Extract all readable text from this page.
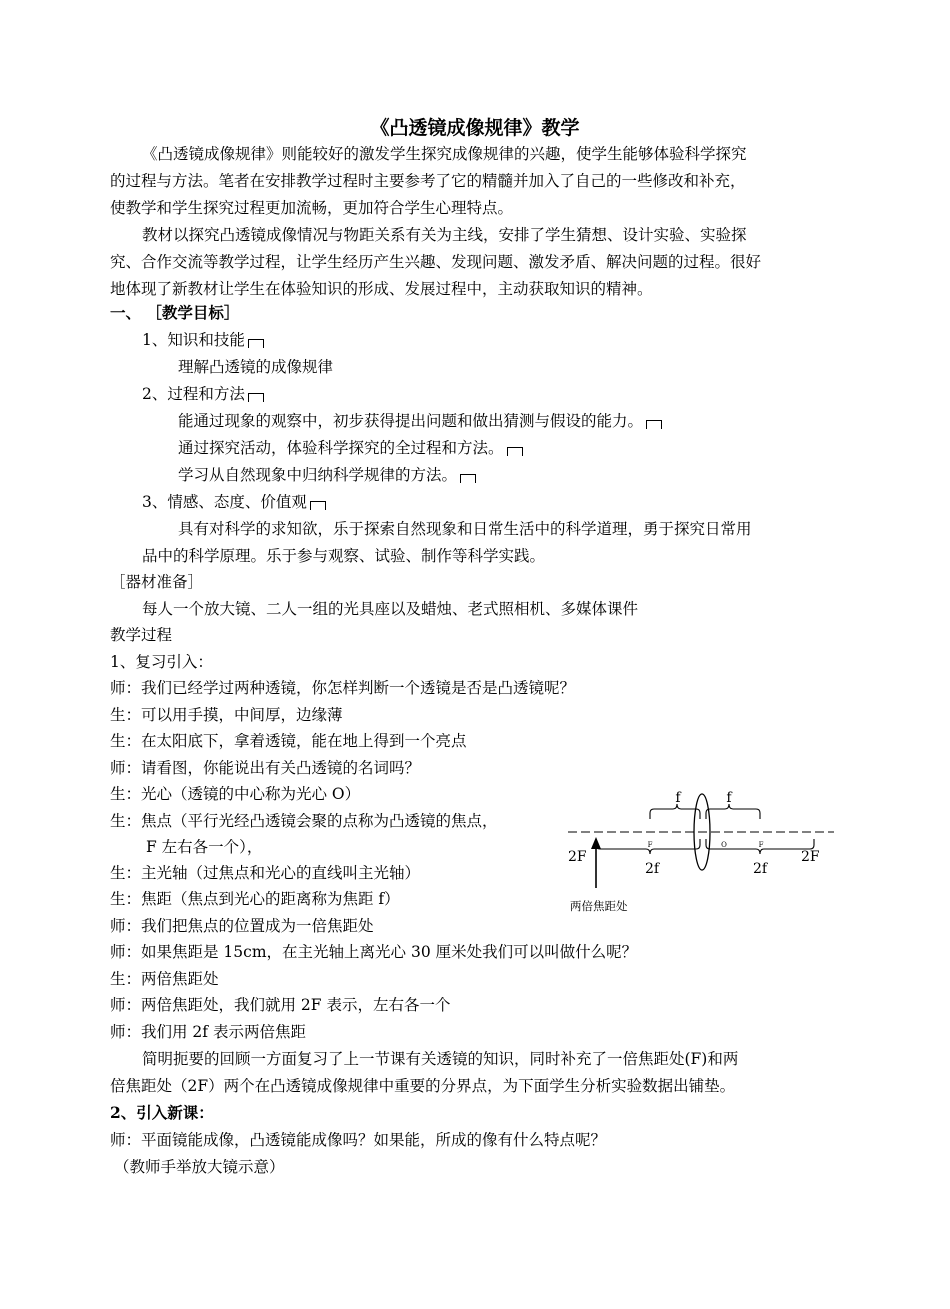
《凸透镜成像规律》教学
《凸透镜成像规律》则能较好的激发学生探究成像规律的兴趣，使学生能够体验科学探究
的过程与方法。笔者在安排教学过程时主要参考了它的精髓并加入了自己的一些修改和补充，
使教学和学生探究过程更加流畅，更加符合学生心理特点。
教材以探究凸透镜成像情况与物距关系有关为主线，安排了学生猜想、设计实验、实验探
究、合作交流等教学过程，让学生经历产生兴趣、发现问题、激发矛盾、解决问题的过程。很好
地体现了新教材让学生在体验知识的形成、发展过程中，主动获取知识的精神。
一、 ［教学目标］
1、知识和技能
理解凸透镜的成像规律
2、过程和方法
能通过现象的观察中，初步获得提出问题和做出猜测与假设的能力。
通过探究活动，体验科学探究的全过程和方法。
学习从自然现象中归纳科学规律的方法。
3、情感、态度、价值观
具有对科学的求知欲，乐于探索自然现象和日常生活中的科学道理，勇于探究日常用
品中的科学原理。乐于参与观察、试验、制作等科学实践。
［器材准备］
每人一个放大镜、二人一组的光具座以及蜡烛、老式照相机、多媒体课件
教学过程
1、复习引入：
师：我们已经学过两种透镜，你怎样判断一个透镜是否是凸透镜呢？
生：可以用手摸，中间厚，边缘薄
生：在太阳底下，拿着透镜，能在地上得到一个亮点
师：请看图，你能说出有关凸透镜的名词吗？
生：光心（透镜的中心称为光心 O）
生：焦点（平行光经凸透镜会聚的点称为凸透镜的焦点，
F 左右各一个），
生：主光轴（过焦点和光心的直线叫主光轴）
生：焦距（焦点到光心的距离称为焦距 f）
师：我们把焦点的位置成为一倍焦距处
师：如果焦距是 15cm，在主光轴上离光心 30 厘米处我们可以叫做什么呢？
生：两倍焦距处
师：两倍焦距处，我们就用 2F 表示，左右各一个
师：我们用 2f 表示两倍焦距
简明扼要的回顾一方面复习了上一节课有关透镜的知识，同时补充了一倍焦距处(F)和两
倍焦距处（2F）两个在凸透镜成像规律中重要的分界点，为下面学生分析实验数据出铺垫。
2、引入新课：
师：平面镜能成像，凸透镜能成像吗？如果能，所成的像有什么特点呢？
（教师手举放大镜示意）
f	f
F	O	F
2F	2F
2f	2f
两倍焦距处
